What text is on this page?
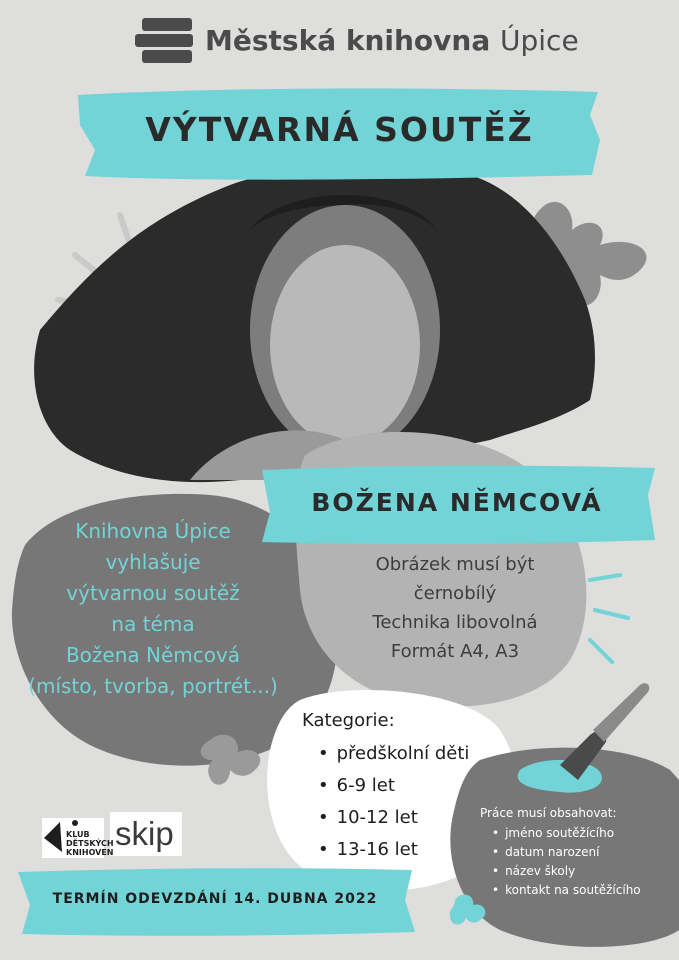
Městská knihovna Úpice
VÝTVARNÁ SOUTĚŽ
BOŽENA NĚMCOVÁ
Knihovna Úpice
vyhlašuje
výtvarnou soutěž
na téma
Božena Němcová
(místo, tvorba, portrét...)
Obrázek musí být
černobílý
Technika libovolná
Formát A4, A3
Kategorie:
• předškolní děti
• 6-9 let
• 10-12 let
• 13-16 let
Práce musí obsahovat:
• jméno soutěžícího
• datum narození
• název školy
• kontakt na soutěžícího
KLUB
DĚTSKÝCH
KNIHOVEN
skip
TERMÍN ODEVZDÁNÍ 14. DUBNA 2022
